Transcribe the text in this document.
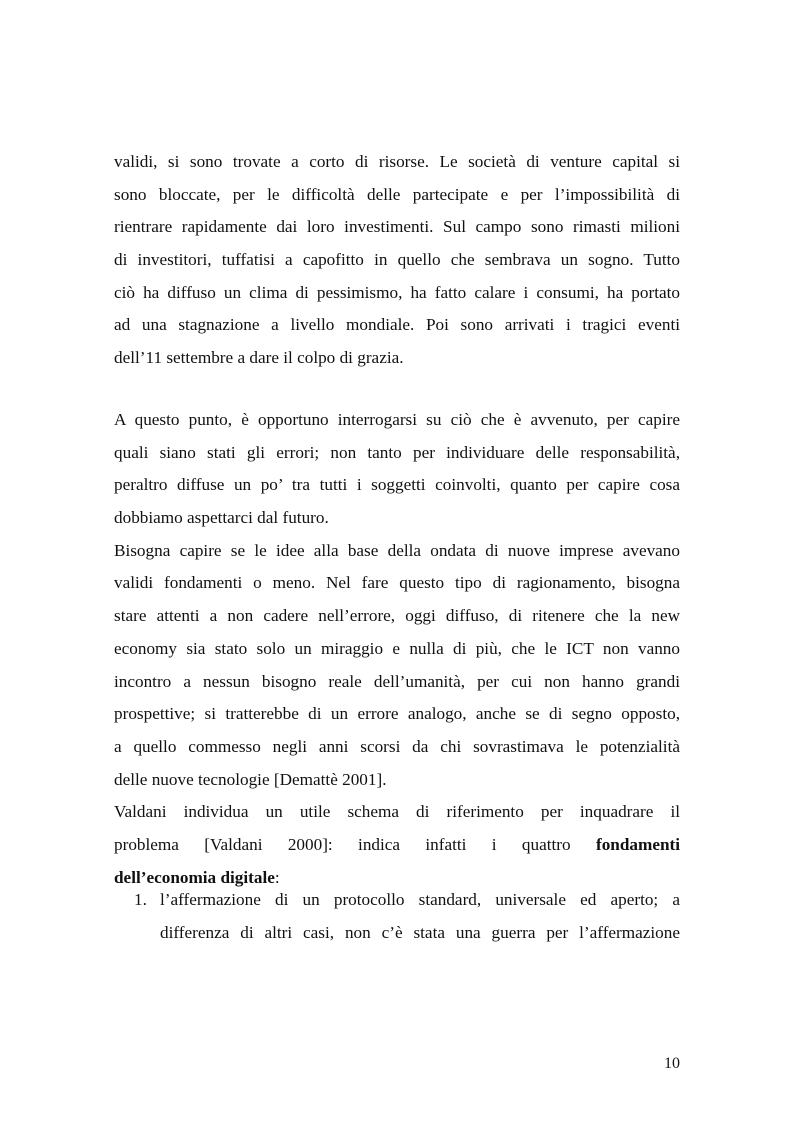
validi, si sono trovate a corto di risorse. Le società di venture capital si
sono bloccate, per le difficoltà delle partecipate e per l’impossibilità di
rientrare rapidamente dai loro investimenti. Sul campo sono rimasti milioni
di investitori, tuffatisi a capofitto in quello che sembrava un sogno. Tutto
ciò ha diffuso un clima di pessimismo, ha fatto calare i consumi, ha portato
ad una stagnazione a livello mondiale. Poi sono arrivati i tragici eventi
dell’11 settembre a dare il colpo di grazia.
A questo punto, è opportuno interrogarsi su ciò che è avvenuto, per capire
quali siano stati gli errori; non tanto per individuare delle responsabilità,
peraltro diffuse un po’ tra tutti i soggetti coinvolti, quanto per capire cosa
dobbiamo aspettarci dal futuro.
Bisogna capire se le idee alla base della ondata di nuove imprese avevano
validi fondamenti o meno. Nel fare questo tipo di ragionamento, bisogna
stare attenti a non cadere nell’errore, oggi diffuso, di ritenere che la new
economy sia stato solo un miraggio e nulla di più, che le ICT non vanno
incontro a nessun bisogno reale dell’umanità, per cui non hanno grandi
prospettive; si tratterebbe di un errore analogo, anche se di segno opposto,
a quello commesso negli anni scorsi da chi sovrastimava le potenzialità
delle nuove tecnologie [Demattè 2001].
Valdani individua un utile schema di riferimento per inquadrare il
problema [Valdani 2000]: indica infatti i quattro fondamenti
dell’economia digitale:
1. l’affermazione di un protocollo standard, universale ed aperto; a
differenza di altri casi, non c’è stata una guerra per l’affermazione
10
